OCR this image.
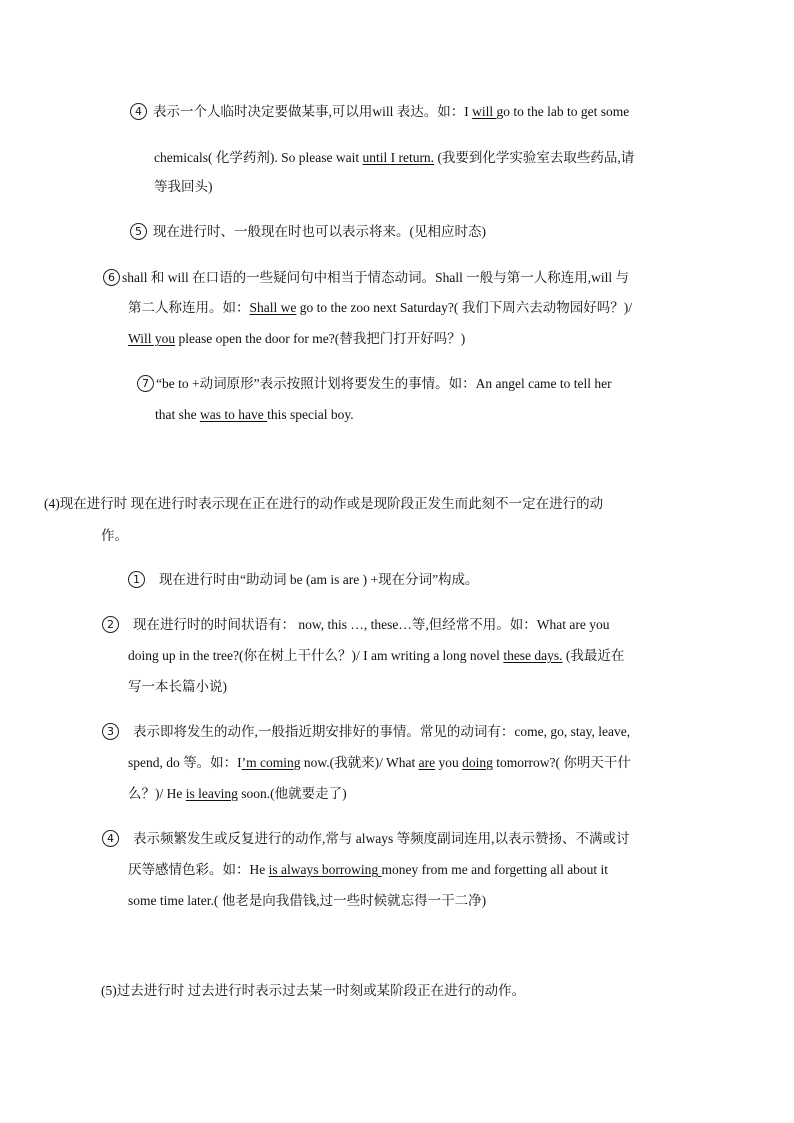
4 表示一个人临时决定要做某事,可以用will 表达。如：I will go to the lab to get some
chemicals( 化学药剂). So please wait until I return. (我要到化学实验室去取些药品,请
等我回头)
5 现在进行时、一般现在时也可以表示将来。(见相应时态)
6 shall 和 will 在口语的一些疑问句中相当于情态动词。Shall 一般与第一人称连用,will 与
第二人称连用。如：Shall we go to the zoo next Saturday?( 我们下周六去动物园好吗？)/
Will you please open the door for me?(替我把门打开好吗？)
7 “be to +动词原形”表示按照计划将要发生的事情。如：An angel came to tell her
that she was to have this special boy.
(4)现在进行时 现在进行时表示现在正在进行的动作或是现阶段正发生而此刻不一定在进行的动
作。
1 现在进行时由“助动词 be (am is are ) +现在分词”构成。
2 现在进行时的时间状语有： now, this …, these…等,但经常不用。如：What are you
doing up in the tree?(你在树上干什么？)/ I am writing a long novel these days. (我最近在
写一本长篇小说)
3 表示即将发生的动作,一般指近期安排好的事情。常见的动词有：come, go, stay, leave,
spend, do 等。如：I’m coming now.(我就来)/ What are you doing tomorrow?( 你明天干什
么？)/ He is leaving soon.(他就要走了)
4 表示频繁发生或反复进行的动作,常与 always 等频度副词连用,以表示赞扬、不满或讨
厌等感情色彩。如：He is always borrowing money from me and forgetting all about it
some time later.( 他老是向我借钱,过一些时候就忘得一干二净)
(5)过去进行时 过去进行时表示过去某一时刻或某阶段正在进行的动作。
